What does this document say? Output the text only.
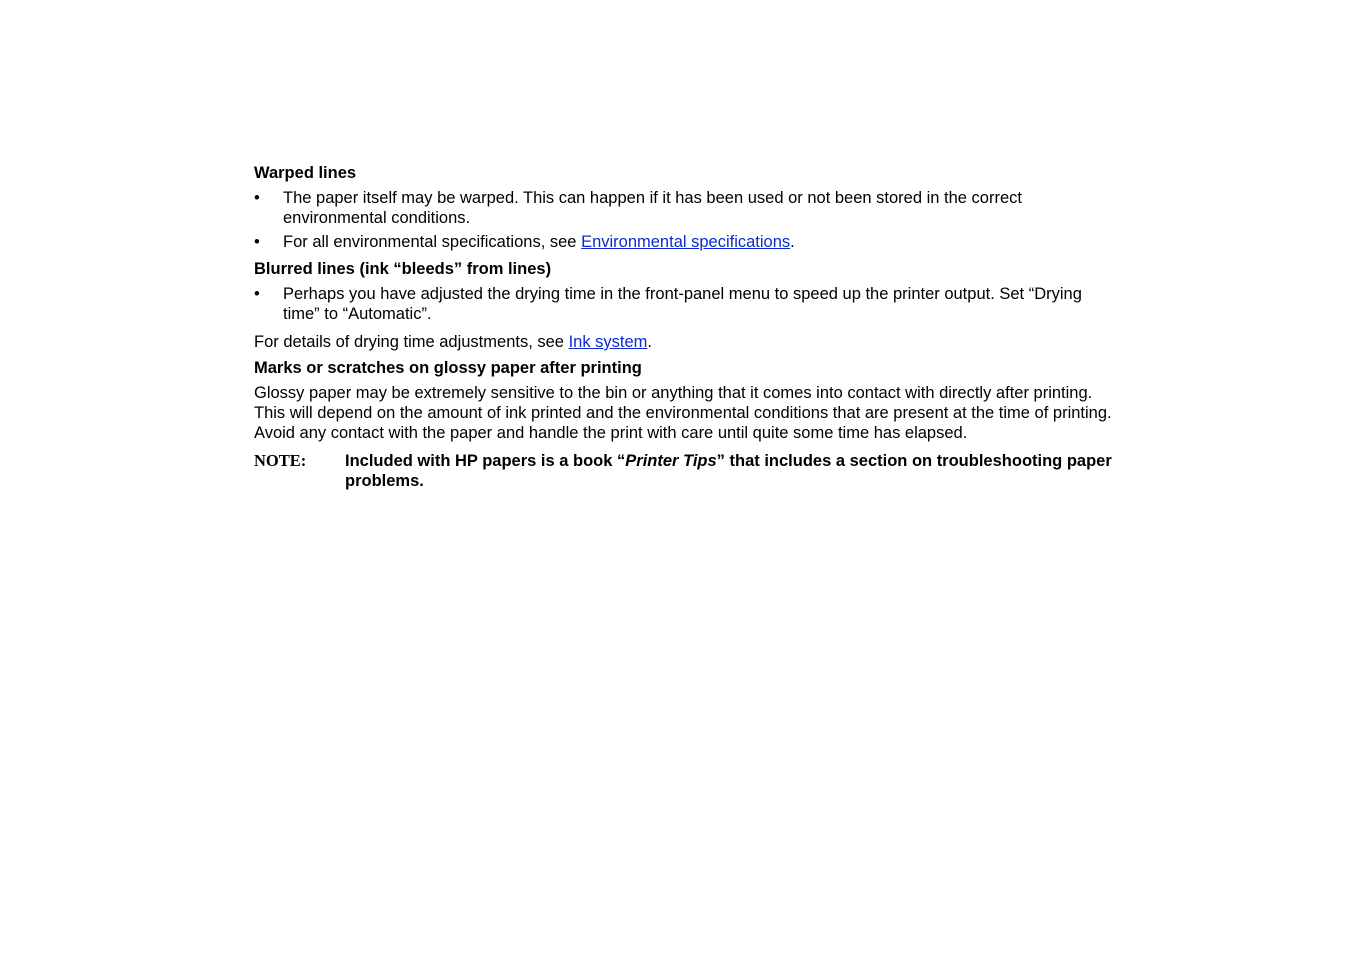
Warped lines
• The paper itself may be warped. This can happen if it has been used or not been stored in the correct environmental conditions.
• For all environmental specifications, see Environmental specifications.
Blurred lines (ink “bleeds” from lines)
• Perhaps you have adjusted the drying time in the front-panel menu to speed up the printer output. Set “Drying time” to “Automatic”.
For details of drying time adjustments, see Ink system.
Marks or scratches on glossy paper after printing
Glossy paper may be extremely sensitive to the bin or anything that it comes into contact with directly after printing. This will depend on the amount of ink printed and the environmental conditions that are present at the time of printing. Avoid any contact with the paper and handle the print with care until quite some time has elapsed.
NOTE: Included with HP papers is a book “Printer Tips” that includes a section on troubleshooting paper problems.
